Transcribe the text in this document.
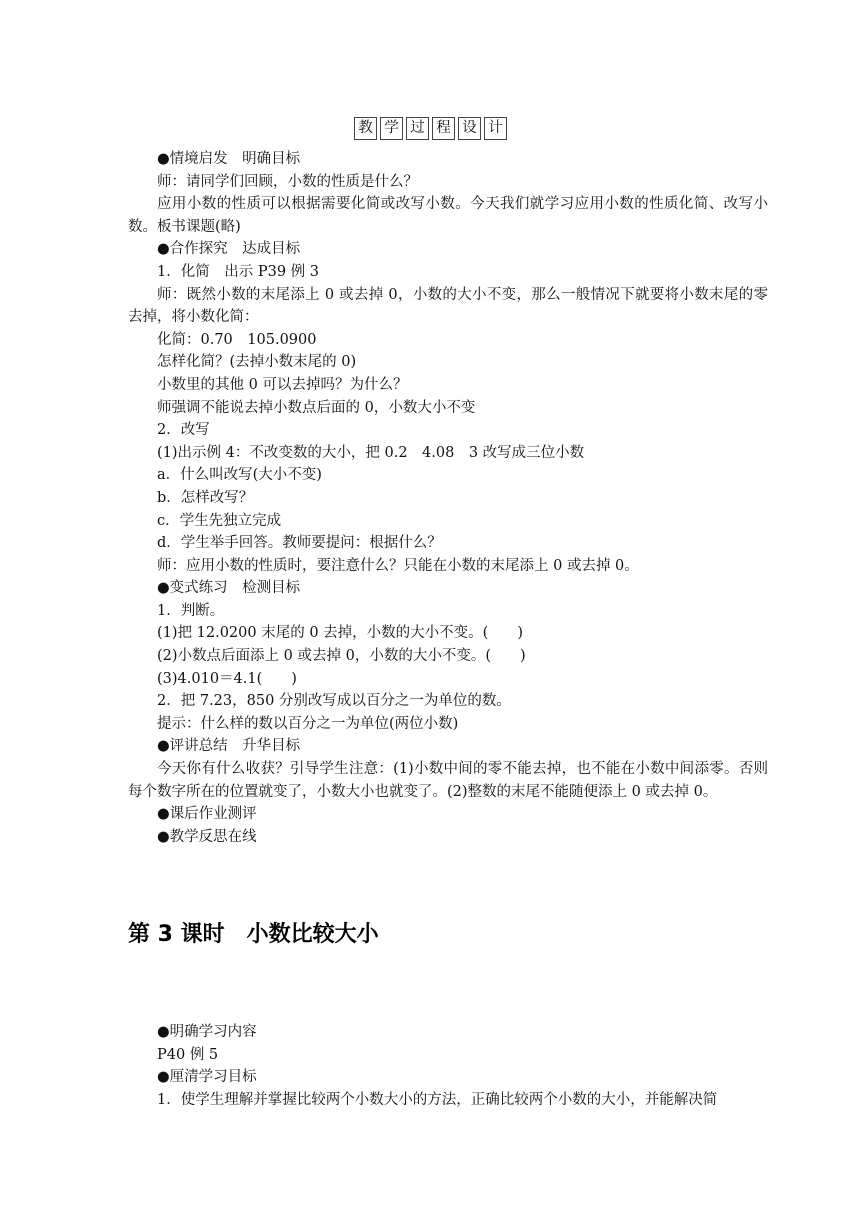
教 学 过 程 设 计

●情境启发　明确目标

师：请同学们回顾，小数的性质是什么？

应用小数的性质可以根据需要化简或改写小数。今天我们就学习应用小数的性质化简、改写小数。板书课题(略)

●合作探究　达成目标

1．化简　出示 P39 例 3

师：既然小数的末尾添上 0 或去掉 0，小数的大小不变，那么一般情况下就要将小数末尾的零去掉，将小数化简：

化简：0.70　105.0900

怎样化简？(去掉小数末尾的 0)

小数里的其他 0 可以去掉吗？为什么？

师强调不能说去掉小数点后面的 0，小数大小不变

2．改写

(1)出示例 4：不改变数的大小，把 0.2　4.08　3 改写成三位小数

a．什么叫改写(大小不变)

b．怎样改写？

c．学生先独立完成

d．学生举手回答。教师要提问：根据什么？

师：应用小数的性质时，要注意什么？只能在小数的末尾添上 0 或去掉 0。

●变式练习　检测目标

1．判断。

(1)把 12.0200 末尾的 0 去掉，小数的大小不变。(　　)

(2)小数点后面添上 0 或去掉 0，小数的大小不变。(　　)

(3)4.010＝4.1(　　)

2．把 7.23，850 分别改写成以百分之一为单位的数。

提示：什么样的数以百分之一为单位(两位小数)

●评讲总结　升华目标

今天你有什么收获？引导学生注意：(1)小数中间的零不能去掉，也不能在小数中间添零。否则每个数字所在的位置就变了，小数大小也就变了。(2)整数的末尾不能随便添上 0 或去掉 0。

●课后作业测评

●教学反思在线

第 3 课时　小数比较大小

●明确学习内容

P40 例 5

●厘清学习目标

1．使学生理解并掌握比较两个小数大小的方法，正确比较两个小数的大小，并能解决简
